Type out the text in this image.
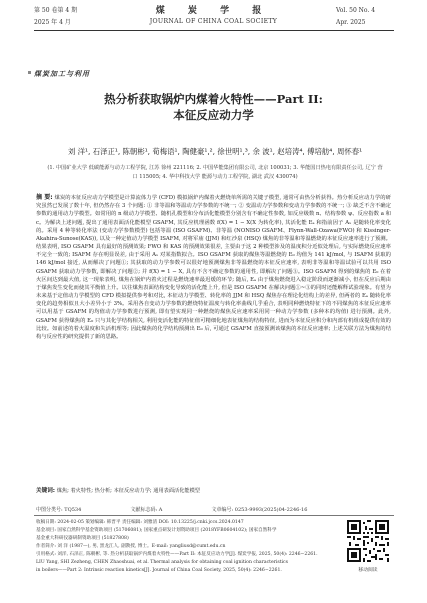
第 50 卷第 4 期	煤 炭 学 报	Vol. 50 No. 4
2025 年 4 月	JOURNAL OF CHINA COAL SOCIETY	Apr. 2025
煤炭加工与利用
热分析获取锅炉内煤着火特性——Part II:
本征反应动力学
刘 洋¹, 石泽正¹, 陈朝彬¹, 荀梅语¹, 陶健豪¹,², 徐世明¹,³, 余 波¹, 赵培涛⁴, 傅培舫⁴, 周怀春¹
(1. 中国矿业大学 低碳能源与动力工程学院, 江苏 徐州 221116; 2. 中国华能集团有限公司, 北京 100031; 3. 华能国日热电有限责任公司, 辽宁 营
口 115005; 4. 华中科技大学 能源与动力工程学院, 湖北 武汉 430074)
摘 要: 煤炭的本征反应动力学模型是计算流体力学 (CFD) 模拟锅炉内煤着火燃烧单所需的关键子模型, 通常可由热分析获得。热分析反应动力学的研究虽然已发展了数十年, 但仍然存在 3 个问题: ① 非等温和等温动力学参数的不统一; ② 变温动力学参数和变动力学参数的不统一; ③ 缺乏不含不确定参数的通用动力学模型。如常用的 n 级动力学模型、随机孔模型和分布活化能模型分别含有不确定性参数, 如反应级数 n、结构参数 ψ、反应指数 a 和 c。为解决上述问题, 提出了通用表面活化能模型 GSAFM, 其反应机理函数 f(X) = 1 − X(X 为转化率), 其活化能 Eₐ 和指前因子 Aₓ 是随转化率变化的。采用 4 种等转化率法 (变动力学参数模型) 包括等温 (ISO GSAFM)、非等温 (NONISO GSAFM、Flynn-Wall-Ozawa(FWO) 和 Kissinger-Akahira-Sunose(KAS)), 以及一种定值动力学模型 ISAFM, 对将军庙 (JJM) 和红沙泉 (HSQ) 煤焦的非等温和等温燃烧的本征反应速率进行了预测。结果表明, ISO GSAFM 具有最好的预测效果; FWO 和 KAS 的预测效果很差, 主要由于这 2 种模型涉及的温度积分近似处理后, 与实际燃烧反应速率不完全一致的; ISAFM 存在明显误差, 由于采用 Aₓ 对某指数拟合。ISO GSAFM 获取的煤焦等温燃烧的 E₀ 均值为 141 kJ/mol, 与 ISAFM 获取的 146 kJ/mol 接近, 从而解决了问题①; 其获取的动力学参数可以很好地预测煤焦非等温燃烧的本征反应速率, 表明非等温和等温试验可以共用 ISO GSAFM 获取动力学参数, 即解决了问题②; 并 f(X) = 1 − X, 具有不含不确定参数的通用性, 即解决了问题③。ISO GSAFM 得到的煤焦的 E₀ 在着火区间达到最大值, 这一现象表明, 煤焦在锅炉内着火过程是燃烧速率最迟缓的环节; 随后, Eₐ 由于煤焦燃烧进入稳定阶段而逐渐减小, 但在反应后期由于煤焦发生变化而使其平衡值上升。以往煤焦表面结构变化导致的活化能上升, 但是 ISO GSAFM 在解决问题①~③的同时还能解释试验现象。有望为未来基于定值动力学模型的 CFD 模拟提供参考和对比, 本征动力学模型、转化率的 JJM 和 HSQ 煤焦存在理论化结构上的差异, 但两者的 Eₐ 随转化率变化的趋势相似且大小差异小于 3%。采用各自变动力学参数的燃烧特征温度与转化率曲线几乎重合, 表明同种燃烧特征下的不同煤焦的本征反应速率可以用基于 GSAFM 的均值动力学参数进行预测, 即有望实现同一种燃烧的煤焦反应速率采用同一种动力学参数 (多种本的均值) 进行预测。此外, GSAFM 获得煤焦的 E₀ 只与其化学结构相关, 利用变活化能的特征值可精细化地表征煤焦的结构特征, 进而为本征反应积分和内部有机组成提供有效的比较。如前述的着火温度和失活机理等; 因此煤焦的化学结构预测出 E₀ 后, 可通过 GSAFM 直接预测该煤焦的本征反应速率; 上述关联方法为煤焦的结构与反应性的研究提供了新的思路。
关键词: 煤焦; 着火特性; 热分析; 本征反应动力学; 通用表面活化能模型
中图分类号: TQ534	文献标志码: A	文章编号: 0253-9993(2025)04-2246-16
收稿日期: 2024-02-05 策划编辑: 韩晋平 责任编辑: 刘雅清 DOI: 10.13225/j.cnki.jccs.2024.0147
基金项目: 国家自然科学基金资助项目 (51706081); 国家重点研发计划资助项目 (2018YFB0604102); 国家自然科学
基金重大科研仪器研制资助项目 (51827808)
作者简介: 刘 洋 (1987—), 男, 黑龙江人, 副教授, 博士。E-mail: yangliusd@cumt.edu.cn
引用格式: 刘洋, 石泽正, 陈朝彬, 等. 热分析获取锅炉内煤着火特性——Part II: 本征反应动力学[J]. 煤炭学报, 2025, 50(4): 2246−2261.
LIU Yang, SHI Zezheng, CHEN Zhaoshuai, et al. Thermal analysis for obtaining coal ignition characteristics
in boilers——Part 2: Intrinsic reaction kinetics[J]. Journal of China Coal Society, 2025, 50(4): 2246−2261.	移动阅读
